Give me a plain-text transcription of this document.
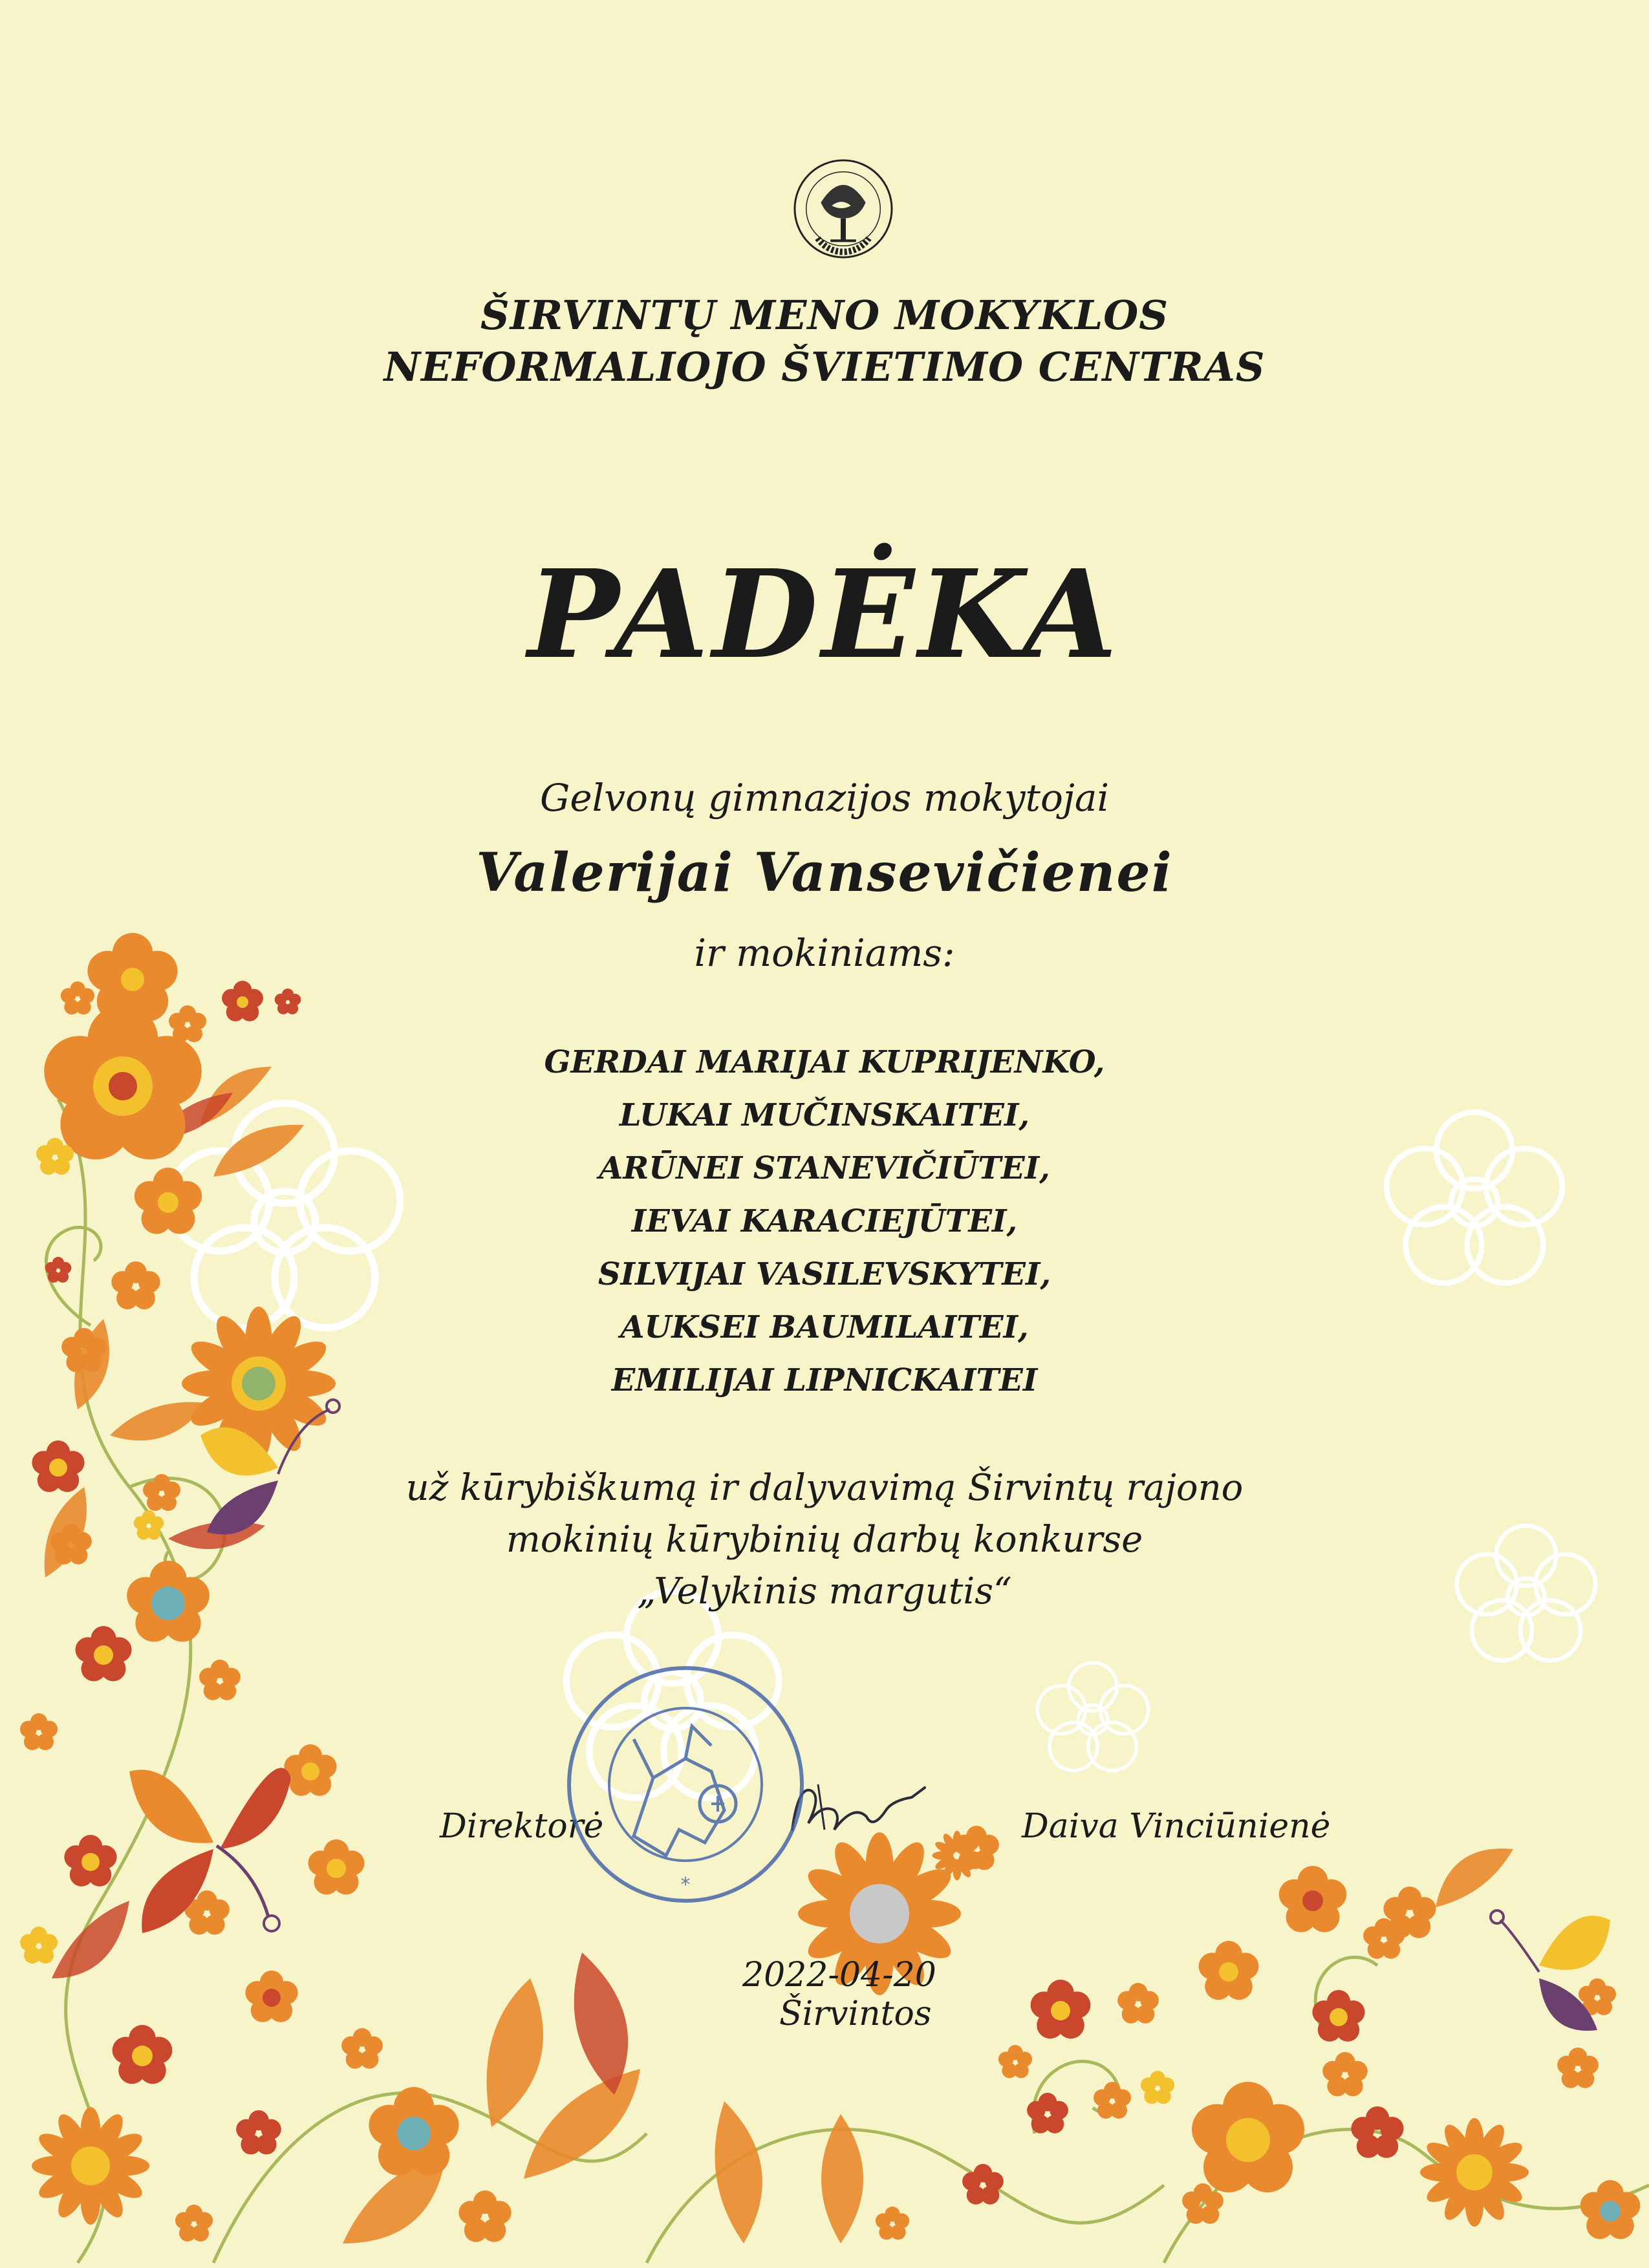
ŠIRVINTŲ MENO MOKYKLOS
NEFORMALIOJO ŠVIETIMO CENTRAS
PADĖKA
Gelvonų gimnazijos mokytojai
Valerijai Vansevičienei
ir mokiniams:
GERDAI MARIJAI KUPRIJENKO,
LUKAI MUČINSKAITEI,
ARŪNEI STANEVIČIŪTEI,
IEVAI KARACIEJŪTEI,
SILVIJAI VASILEVSKYTEI,
AUKSEI BAUMILAITEI,
EMILIJAI LIPNICKAITEI
už kūrybiškumą ir dalyvavimą Širvintų rajono
mokinių kūrybinių darbų konkurse
„Velykinis margutis“
Direktorė	Daiva Vinciūnienė
*
2022-04-20
Širvintos
